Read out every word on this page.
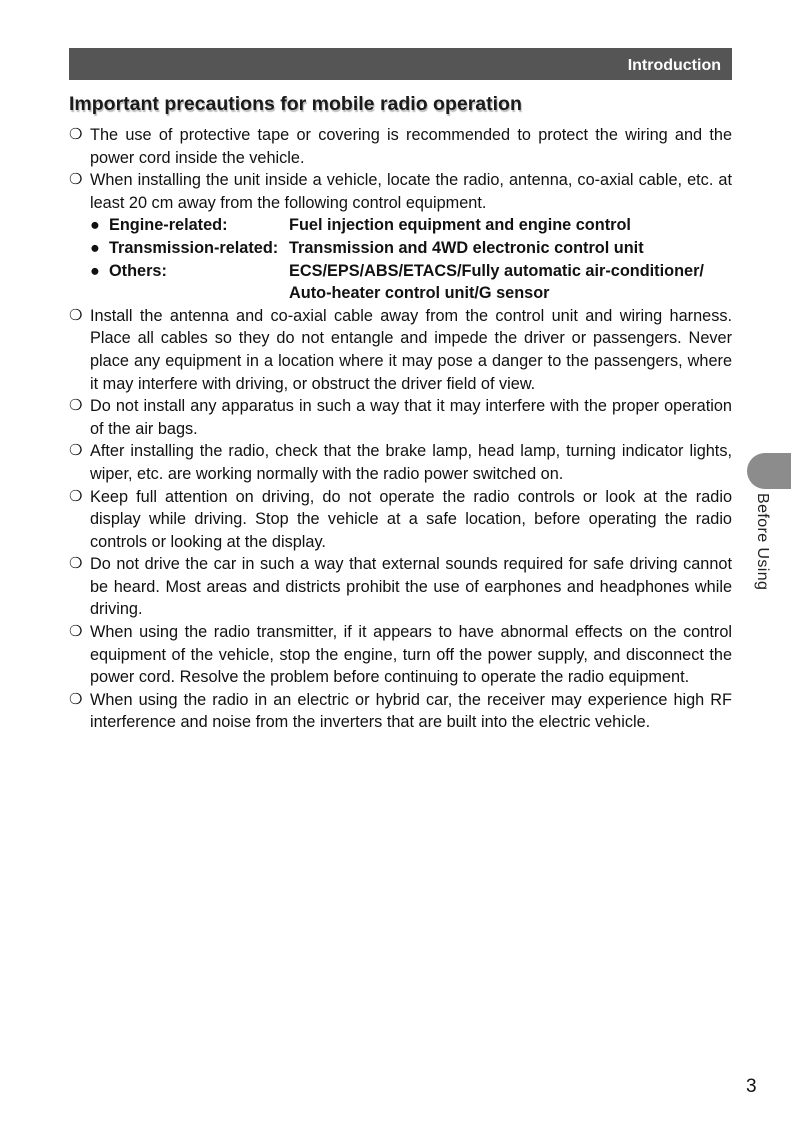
Introduction
Important precautions for mobile radio operation
❍ The use of protective tape or covering is recommended to protect the wiring and the power cord inside the vehicle.
❍ When installing the unit inside a vehicle, locate the radio, antenna, co-axial cable, etc. at least 20 cm away from the following control equipment.
● Engine-related:	Fuel injection equipment and engine control
● Transmission-related: Transmission and 4WD electronic control unit
● Others:	ECS/EPS/ABS/ETACS/Fully automatic air-conditioner/ Auto-heater control unit/G sensor
❍ Install the antenna and co-axial cable away from the control unit and wiring harness. Place all cables so they do not entangle and impede the driver or passengers. Never place any equipment in a location where it may pose a danger to the passengers, where it may interfere with driving, or obstruct the driver field of view.
❍ Do not install any apparatus in such a way that it may interfere with the proper operation of the air bags.
❍ After installing the radio, check that the brake lamp, head lamp, turning indicator lights, wiper, etc. are working normally with the radio power switched on.
❍ Keep full attention on driving, do not operate the radio controls or look at the radio display while driving. Stop the vehicle at a safe location, before operating the radio controls or looking at the display.
❍ Do not drive the car in such a way that external sounds required for safe driving cannot be heard. Most areas and districts prohibit the use of earphones and headphones while driving.
❍ When using the radio transmitter, if it appears to have abnormal effects on the control equipment of the vehicle, stop the engine, turn off the power supply, and disconnect the power cord. Resolve the problem before continuing to operate the radio equipment.
❍ When using the radio in an electric or hybrid car, the receiver may experience high RF interference and noise from the inverters that are built into the electric vehicle.
Before Using
3
